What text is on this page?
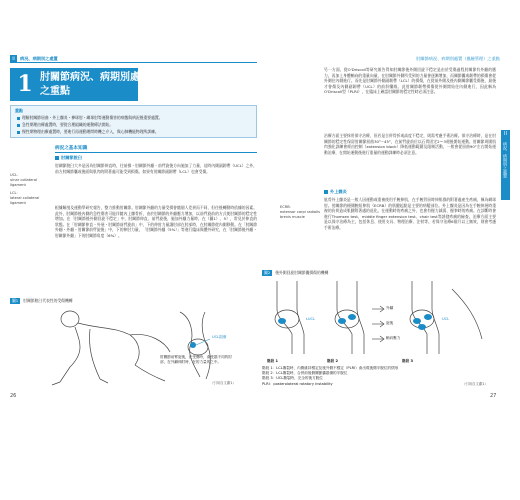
II	病況、病期別之處置
1 肘關節病況、病期別處置（風險管理）
之重點
重點
理解肘關節屈曲・外上髁炎・棒球肘・網球肘等運動傷害的病態與病況後重要處置。
急性期理由療處置時，要從合理組織的運動療法開始。
慢性期物理由療處置時，要進行再運動理問時機之介入，與心肺機能物理所訓練。
病況之基本知識
肘關節脫臼
UCL：
ulnar collateral ligament
LCL：
lateral collateral ligament
肘關節脫臼大多是因為肘關節伸直時，往前撐・肘關節外翻・前臂旋後方向施加了力量，這時內側副韌帶（UCL）之外，前方肘關節囊或後面與肌肉的附著處可能受到損傷。如果有肘關節副韌帶（LCL）也會受傷。
根據解剖及運動學研究報告，整力推動肘關節。肘關節外翻的力量受損會隨個人差異而不同，但往後轉動時依據的因素。此外，肘關節後內側的急性傷害可能伴隨內上髁骨折，由於肘關節的外翻應力增加，以前臂旋前的方式使肘關節的穩定性增加。在「肘關節後外側回旋不穩定」中，肘關節伸直、前臂旋後，施加外翻力量時，在（圖1）、5），常見於伸直的狀態。在「肘關節伸直・外展・肘關節前臂旋前」中，下的伸肘力量讓肘部在肘部時，在肘關節從內側移動。在「肘關節外翻・外翻・肘關節前臂旋後」中，下的伸肘力量，「肘關節外翻（5%）」等進行臨床與體外研究，在「肘關節後外翻・肘關節外翻」下的肘關節角度（6%）。
圖1 肘關節脫臼代表性的受傷機轉
UCL損傷
肘關節前臂旋後，在受傷時，會受損不同的肘部，在外翻伸肘時，在的力量的之中。
（引用自文獻1）
26
肘關節病況、病期別處置（風險管理）之重點
II
病況、病期別之處置
另一方面，從O'Driscoll等研究報告得知肘關節後外側回旋不穩定是由於受傷過程肘關節有外翻的應力。再加上身體軸向的重量向量，在肘關節外側所受到的力量會逐漸增加，而關節囊或韌帶的損傷會從外側往內側進行。而先是肘關節外側副韌帶（LCL）的損傷，在從前外側及後內側關節囊受傷後，最後才會傷及內側副韌帶（UCL）的前斜纖維。此肘關節韌帶損傷從外側開始往內側進行，因此稱為O'Driscoll型（PLRI），在臨床上確認肘關節的穩定性時必須注意。
治療方面主要採用保守治療，但若是合併骨折或高度不穩定，則需考慮手術治療。保守治療時，是在肘關節的穩定性保留肘關節屈曲30°~45°，在前臂旋前位以石膏固定2～3週後開始運動。肘關節周圍肌肉強化訓練會經由控制（extension block）降低運動範圍及限制活動，一般會從屈曲90°左右開始運動治療，在開始運動後進行重量的運動訓練時必須注意。
外上髁炎
ECRB：
extensor carpi radialis brevis muscle
肱骨外上髁炎是一般人因運動或重複使用手腕伸肌，在手腕背屈時伸肌群的附著處產生疼痛，稱為網球肘。肘關節的橈側腕短伸肌（ECRB）的肌腱起點是主要的病變部位。外上髁炎是因為在手腕伸展時重複的負荷造成肌腱附著處的退化。在運動時的疼痛之外，也會有握力減弱、握拳時的疼痛。在診斷時會進行Thomsen test、middle finger extension test、chair test等誘發疼痛的檢查。治療方面主要是以保守治療為主，包括休息、使用支具、物理治療、注射等。若保守治療6個月以上無效，則會考慮手術治療。
圖2 後外側回旋肘關節囊損傷的機轉
外翻
旋後
軸向壓力
LUCL	UCL
階段 1	階段 2	階段 3
階段 1：LCL撕裂時，內側維持穩定及後外側不穩定（PLRI）會出現後側半脫位的情形
階段 2：LCL撕裂時，合併前後側關節囊損傷的半脫位
階段 3：UCL撕裂時，完全的後方脫位
PLRI：posterolateral rotatory instability	（引用自文獻1）
27
